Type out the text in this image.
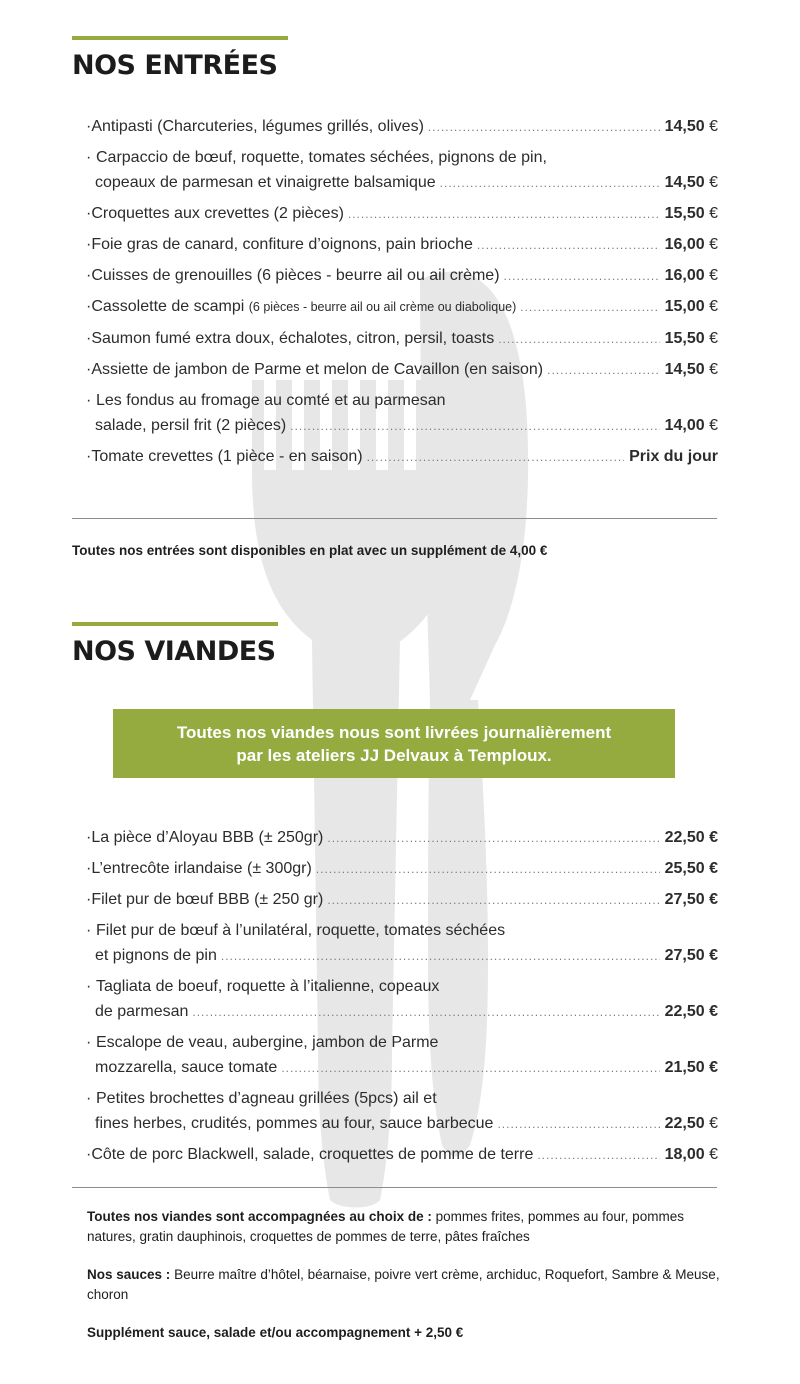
NOS ENTRÉES
· Antipasti (Charcuteries, légumes grillés, olives) .....	14,50 €
· Carpaccio de bœuf, roquette, tomates séchées, pignons de pin,
copeaux de parmesan et vinaigrette balsamique .....	14,50 €
· Croquettes aux crevettes (2 pièces) .....	15,50 €
· Foie gras de canard, confiture d’oignons, pain brioche .....	16,00 €
· Cuisses de grenouilles (6 pièces - beurre ail ou ail crème) .....	16,00 €
· Cassolette de scampi
(6 pièces - beurre ail ou ail crème ou diabolique) .....	15,00 €
· Saumon fumé extra doux, échalotes, citron, persil, toasts .....	15,50 €
· Assiette de jambon de Parme et melon de Cavaillon (en saison) .....	14,50 €
· Les fondus au fromage au comté et au parmesan
salade, persil frit (2 pièces) .....	14,00 €
· Tomate crevettes (1 pièce - en saison) .....	Prix du jour

Toutes nos entrées sont disponibles en plat avec un supplément de 4,00 €

NOS VIANDES
Toutes nos viandes nous sont livrées journalièrement
par les ateliers JJ Delvaux à Temploux.
· La pièce d’Aloyau BBB (± 250gr) .....	22,50 €
· L’entrecôte irlandaise (± 300gr) .....	25,50 €
· Filet pur de bœuf BBB (± 250 gr) .....	27,50 €
· Filet pur de bœuf à l’unilatéral, roquette, tomates séchées
et pignons de pin .....	27,50 €
· Tagliata de boeuf, roquette à l’italienne, copeaux
de parmesan .....	22,50 €
· Escalope de veau, aubergine, jambon de Parme
mozzarella, sauce tomate .....	21,50 €
· Petites brochettes d’agneau grillées (5pcs) ail et
fines herbes, crudités, pommes au four, sauce barbecue .....	22,50 €
· Côte de porc Blackwell, salade, croquettes de pomme de terre .....	18,00 €

Toutes nos viandes sont accompagnées au choix de : pommes frites, pommes au four, pommes natures, gratin dauphinois, croquettes de pommes de terre, pâtes fraîches

Nos sauces : Beurre maître d’hôtel, béarnaise, poivre vert crème, archiduc, Roquefort, Sambre & Meuse, choron

Supplément sauce, salade et/ou accompagnement + 2,50 €
